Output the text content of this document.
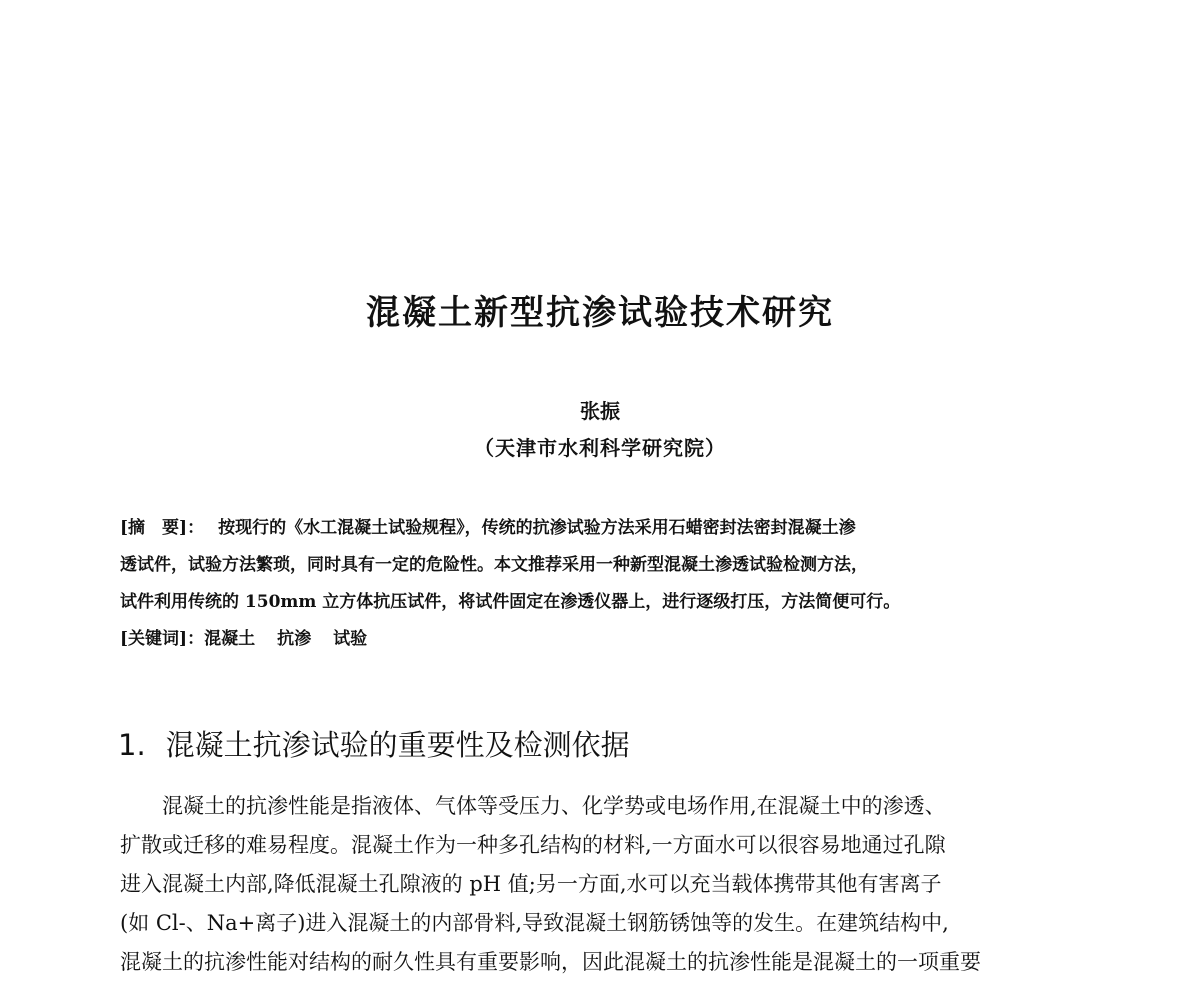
混凝土新型抗渗试验技术研究
张振
（天津市水利科学研究院）
[摘　要]： 按现行的《水工混凝土试验规程》，传统的抗渗试验方法采用石蜡密封法密封混凝土渗
透试件，试验方法繁琐，同时具有一定的危险性。本文推荐采用一种新型混凝土渗透试验检测方法，
试件利用传统的 150mm 立方体抗压试件，将试件固定在渗透仪器上，进行逐级打压，方法简便可行。
[关键词]：混凝土 抗渗 试验
1. 混凝土抗渗试验的重要性及检测依据
混凝土的抗渗性能是指液体、气体等受压力、化学势或电场作用,在混凝土中的渗透、
扩散或迁移的难易程度。混凝土作为一种多孔结构的材料,一方面水可以很容易地通过孔隙
进入混凝土内部,降低混凝土孔隙液的 pH 值;另一方面,水可以充当载体携带其他有害离子
(如 Cl-、Na+离子)进入混凝土的内部骨料,导致混凝土钢筋锈蚀等的发生。在建筑结构中,
混凝土的抗渗性能对结构的耐久性具有重要影响，因此混凝土的抗渗性能是混凝土的一项重要
